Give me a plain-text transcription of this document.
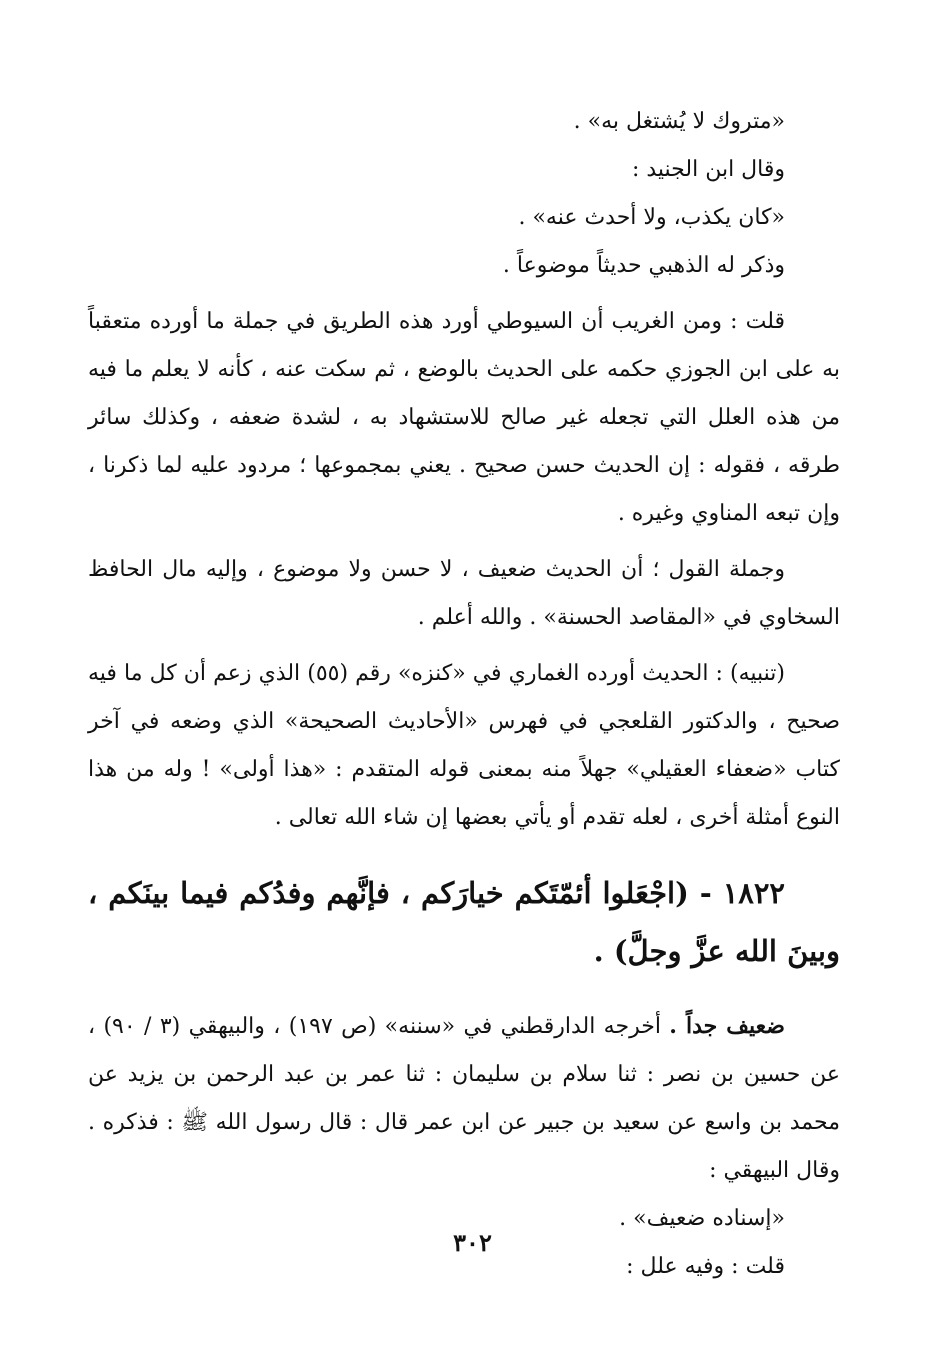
«متروك لا يُشتغل به» .

وقال ابن الجنيد :

«كان يكذب، ولا أحدث عنه» .

وذكر له الذهبي حديثاً موضوعاً .

قلت : ومن الغريب أن السيوطي أورد هذه الطريق في جملة ما أورده متعقباً به على ابن الجوزي حكمه على الحديث بالوضع ، ثم سكت عنه ، كأنه لا يعلم ما فيه من هذه العلل التي تجعله غير صالح للاستشهاد به ، لشدة ضعفه ، وكذلك سائر طرقه ، فقوله : إن الحديث حسن صحيح . يعني بمجموعها ؛ مردود عليه لما ذكرنا ، وإن تبعه المناوي وغيره .

وجملة القول ؛ أن الحديث ضعيف ، لا حسن ولا موضوع ، وإليه مال الحافظ السخاوي في «المقاصد الحسنة» . والله أعلم .

(تنبيه) : الحديث أورده الغماري في «كنزه» رقم (٥٥) الذي زعم أن كل ما فيه صحيح ، والدكتور القلعجي في فهرس «الأحاديث الصحيحة» الذي وضعه في آخر كتاب «ضعفاء العقيلي» جهلاً منه بمعنى قوله المتقدم : «هذا أولى» ! وله من هذا النوع أمثلة أخرى ، لعله تقدم أو يأتي بعضها إن شاء الله تعالى .

١٨٢٢ - (اجْعَلوا أئمّتَكم خيارَكم ، فإنَّهم وفدُكم فيما بينَكم ، وبينَ الله عزَّ وجلَّ) .

ضعيف جداً . أخرجه الدارقطني في «سننه» (ص ١٩٧) ، والبيهقي (٣ / ٩٠) ، عن حسين بن نصر : ثنا سلام بن سليمان : ثنا عمر بن عبد الرحمن بن يزيد عن محمد بن واسع عن سعيد بن جبير عن ابن عمر قال : قال رسول الله ﷺ : فذكره . وقال البيهقي :

«إسناده ضعيف» .

قلت : وفيه علل :

٣٠٢
